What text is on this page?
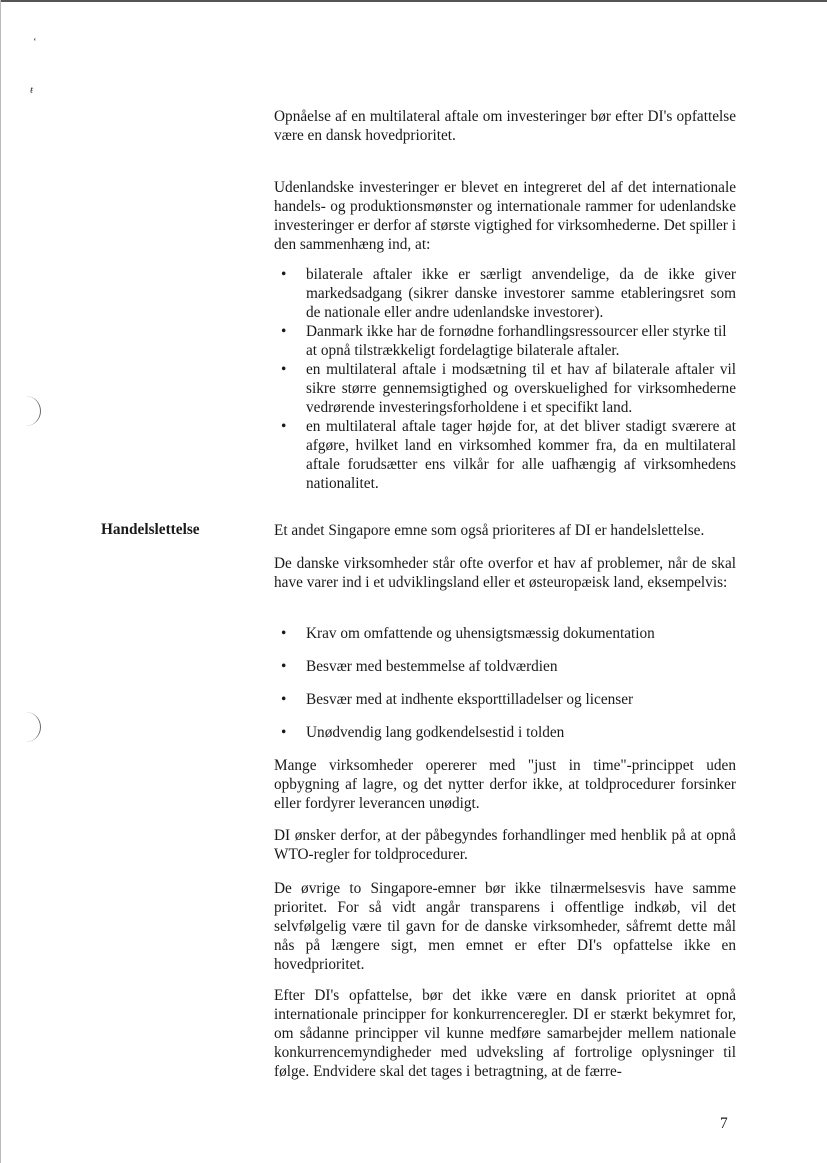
‘
ŧ

Opnåelse af en multilateral aftale om investeringer bør efter DI's opfattelse være en dansk hovedprioritet.

Udenlandske investeringer er blevet en integreret del af det internationale handels- og produktionsmønster og internationale rammer for udenlandske investeringer er derfor af største vigtighed for virksomhederne. Det spiller i den sammenhæng ind, at:

• bilaterale aftaler ikke er særligt anvendelige, da de ikke giver markedsadgang (sikrer danske investorer samme etableringsret som de nationale eller andre udenlandske investorer).
• Danmark ikke har de fornødne forhandlingsressourcer eller styrke til at opnå tilstrækkeligt fordelagtige bilaterale aftaler.
• en multilateral aftale i modsætning til et hav af bilaterale aftaler vil sikre større gennemsigtighed og overskuelighed for virksomhederne vedrørende investeringsforholdene i et specifikt land.
• en multilateral aftale tager højde for, at det bliver stadigt sværere at afgøre, hvilket land en virksomhed kommer fra, da en multilateral aftale forudsætter ens vilkår for alle uafhængig af virksomhedens nationalitet.
Handelslettelse	Et andet Singapore emne som også prioriteres af DI er handelslettelse.

De danske virksomheder står ofte overfor et hav af problemer, når de skal have varer ind i et udviklingsland eller et østeuropæisk land, eksempelvis:

• Krav om omfattende og uhensigtsmæssig dokumentation
• Besvær med bestemmelse af toldværdien
• Besvær med at indhente eksporttilladelser og licenser
• Unødvendig lang godkendelsestid i tolden

Mange virksomheder opererer med "just in time"-princippet uden opbygning af lagre, og det nytter derfor ikke, at toldprocedurer forsinker eller fordyrer leverancen unødigt.

DI ønsker derfor, at der påbegyndes forhandlinger med henblik på at opnå WTO-regler for toldprocedurer.

De øvrige to Singapore-emner bør ikke tilnærmelsesvis have samme prioritet. For så vidt angår transparens i offentlige indkøb, vil det selvfølgelig være til gavn for de danske virksomheder, såfremt dette mål nås på længere sigt, men emnet er efter DI's opfattelse ikke en hovedprioritet.

Efter DI's opfattelse, bør det ikke være en dansk prioritet at opnå internationale principper for konkurrenceregler. DI er stærkt bekymret for, om sådanne principper vil kunne medføre samarbejder mellem nationale konkurrencemyndigheder med udveksling af fortrolige oplysninger til følge. Endvidere skal det tages i betragtning, at de færre-

7
